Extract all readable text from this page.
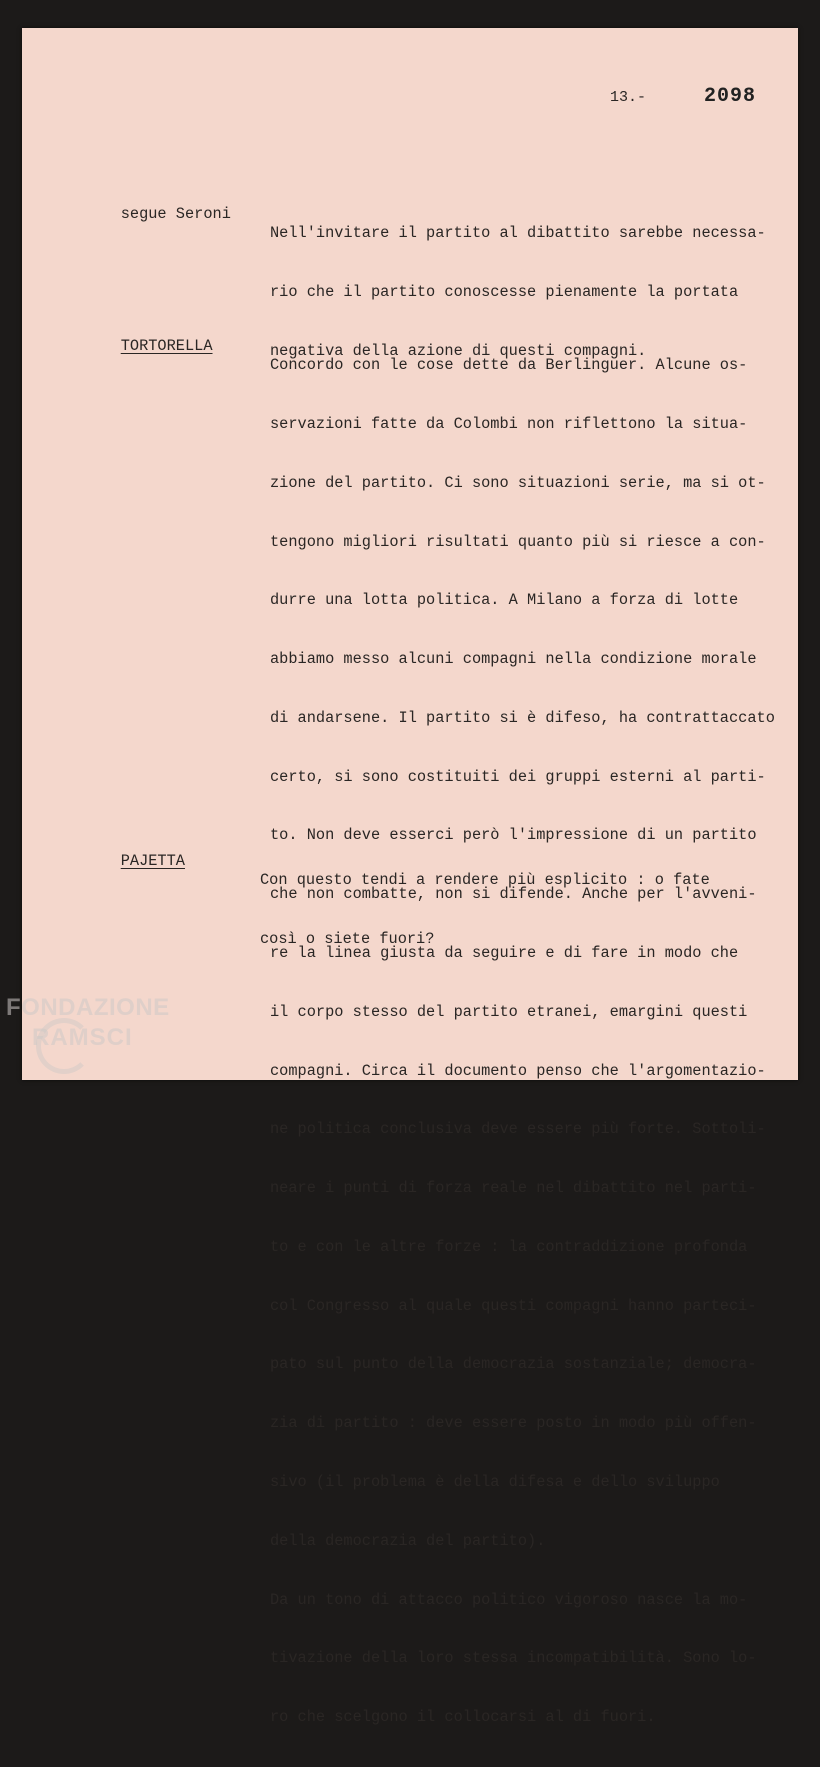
13.-	2098

segue Seroni

Nell'invitare il partito al dibattito sarebbe necessa-

rio che il partito conoscesse pienamente la portata

negativa della azione di questi compagni.

TORTORELLA

Concordo con le cose dette da Berlinguer. Alcune os-

servazioni fatte da Colombi non riflettono la situa-

zione del partito. Ci sono situazioni serie, ma si ot-

tengono migliori risultati quanto più si riesce a con-

durre una lotta politica. A Milano a forza di lotte

abbiamo messo alcuni compagni nella condizione morale

di andarsene. Il partito si è difeso, ha contrattaccato

certo, si sono costituiti dei gruppi esterni al parti-

to. Non deve esserci però l'impressione di un partito

che non combatte, non si difende. Anche per l'avveni-

re la linea giusta da seguire e di fare in modo che

il corpo stesso del partito etranei, emargini questi

compagni. Circa il documento penso che l'argomentazio-

ne politica conclusiva deve essere più forte. Sottoli-

neare i punti di forza reale nel dibattito nel parti-

to e con le altre forze : la contraddizione profonda

col Congresso al quale questi compagni hanno parteci-

pato sul punto della democrazia sostanziale; democra-

zia di partito : deve essere posto in modo più offen-

sivo (il problema è della difesa e dello sviluppo

della democrazia del partito).

Da un tono di attacco politico vigoroso nasce la mo-

tivazione della loro stessa incompatibilità. Sono lo-

ro che scelgono il collocarsi al di fuori.

PAJETTA

Con questo tendi a rendere più esplicito : o fate

così o siete fuori?

FONDAZIONE
RAMSCI
